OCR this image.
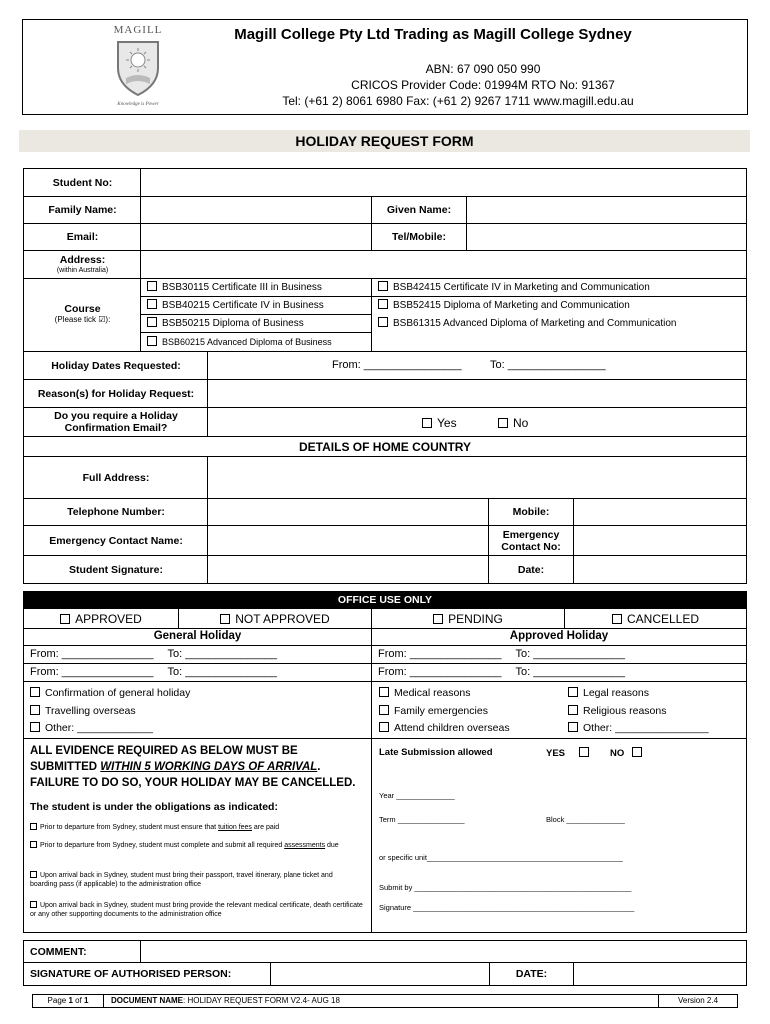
MAGILL
Knowledge is Power
Magill College Pty Ltd Trading as Magill College Sydney
ABN: 67 090 050 990
CRICOS Provider Code: 01994M RTO No: 91367
Tel: (+61 2) 8061 6980 Fax: (+61 2) 9267 1711 www.magill.edu.au
HOLIDAY REQUEST FORM
Student No:
Family Name:	Given Name:
Email:	Tel/Mobile:
Address:
(within Australia)
Course
(Please tick ☑):
BSB30115 Certificate III in Business
BSB40215 Certificate IV in Business
BSB50215 Diploma of Business
BSB60215 Advanced Diploma of Business
BSB42415 Certificate IV in Marketing and Communication
BSB52415 Diploma of Marketing and Communication
BSB61315 Advanced Diploma of Marketing and Communication
Holiday Dates Requested:	From: ________________	To: ________________
Reason(s) for Holiday Request:
Do you require a Holiday Confirmation Email?	Yes	No
DETAILS OF HOME COUNTRY
Full Address:
Telephone Number:	Mobile:
Emergency Contact Name:	Emergency Contact No:
Student Signature:	Date:
OFFICE USE ONLY
APPROVED	NOT APPROVED	PENDING	CANCELLED
General Holiday	Approved Holiday
From: _______________ To: _______________
From: _______________ To: _______________
From: _______________ To: _______________
From: _______________ To: _______________
Confirmation of general holiday
Travelling overseas
Other: _____________
Medical reasons
Family emergencies
Attend children overseas
Legal reasons
Religious reasons
Other: ________________
ALL EVIDENCE REQUIRED AS BELOW MUST BE
SUBMITTED WITHIN 5 WORKING DAYS OF ARRIVAL.
FAILURE TO DO SO, YOUR HOLIDAY MAY BE CANCELLED.
The student is under the obligations as indicated:
Prior to departure from Sydney, student must ensure that tuition fees are paid
Prior to departure from Sydney, student must complete and submit all required assessments due
Upon arrival back in Sydney, student must bring their passport, travel itinerary, plane ticket and boarding pass (if applicable) to the administration office
Upon arrival back in Sydney, student must bring provide the relevant medical certificate, death certificate or any other supporting documents to the administration office
Late Submission allowed	YES	NO
Year ______________
Term ________________	Block ______________
or specific unit_______________________________________________
Submit by ____________________________________________________
Signature _____________________________________________________
COMMENT:
SIGNATURE OF AUTHORISED PERSON:	DATE:
Page 1 of 1	DOCUMENT NAME: HOLIDAY REQUEST FORM V2.4- AUG 18	Version 2.4
